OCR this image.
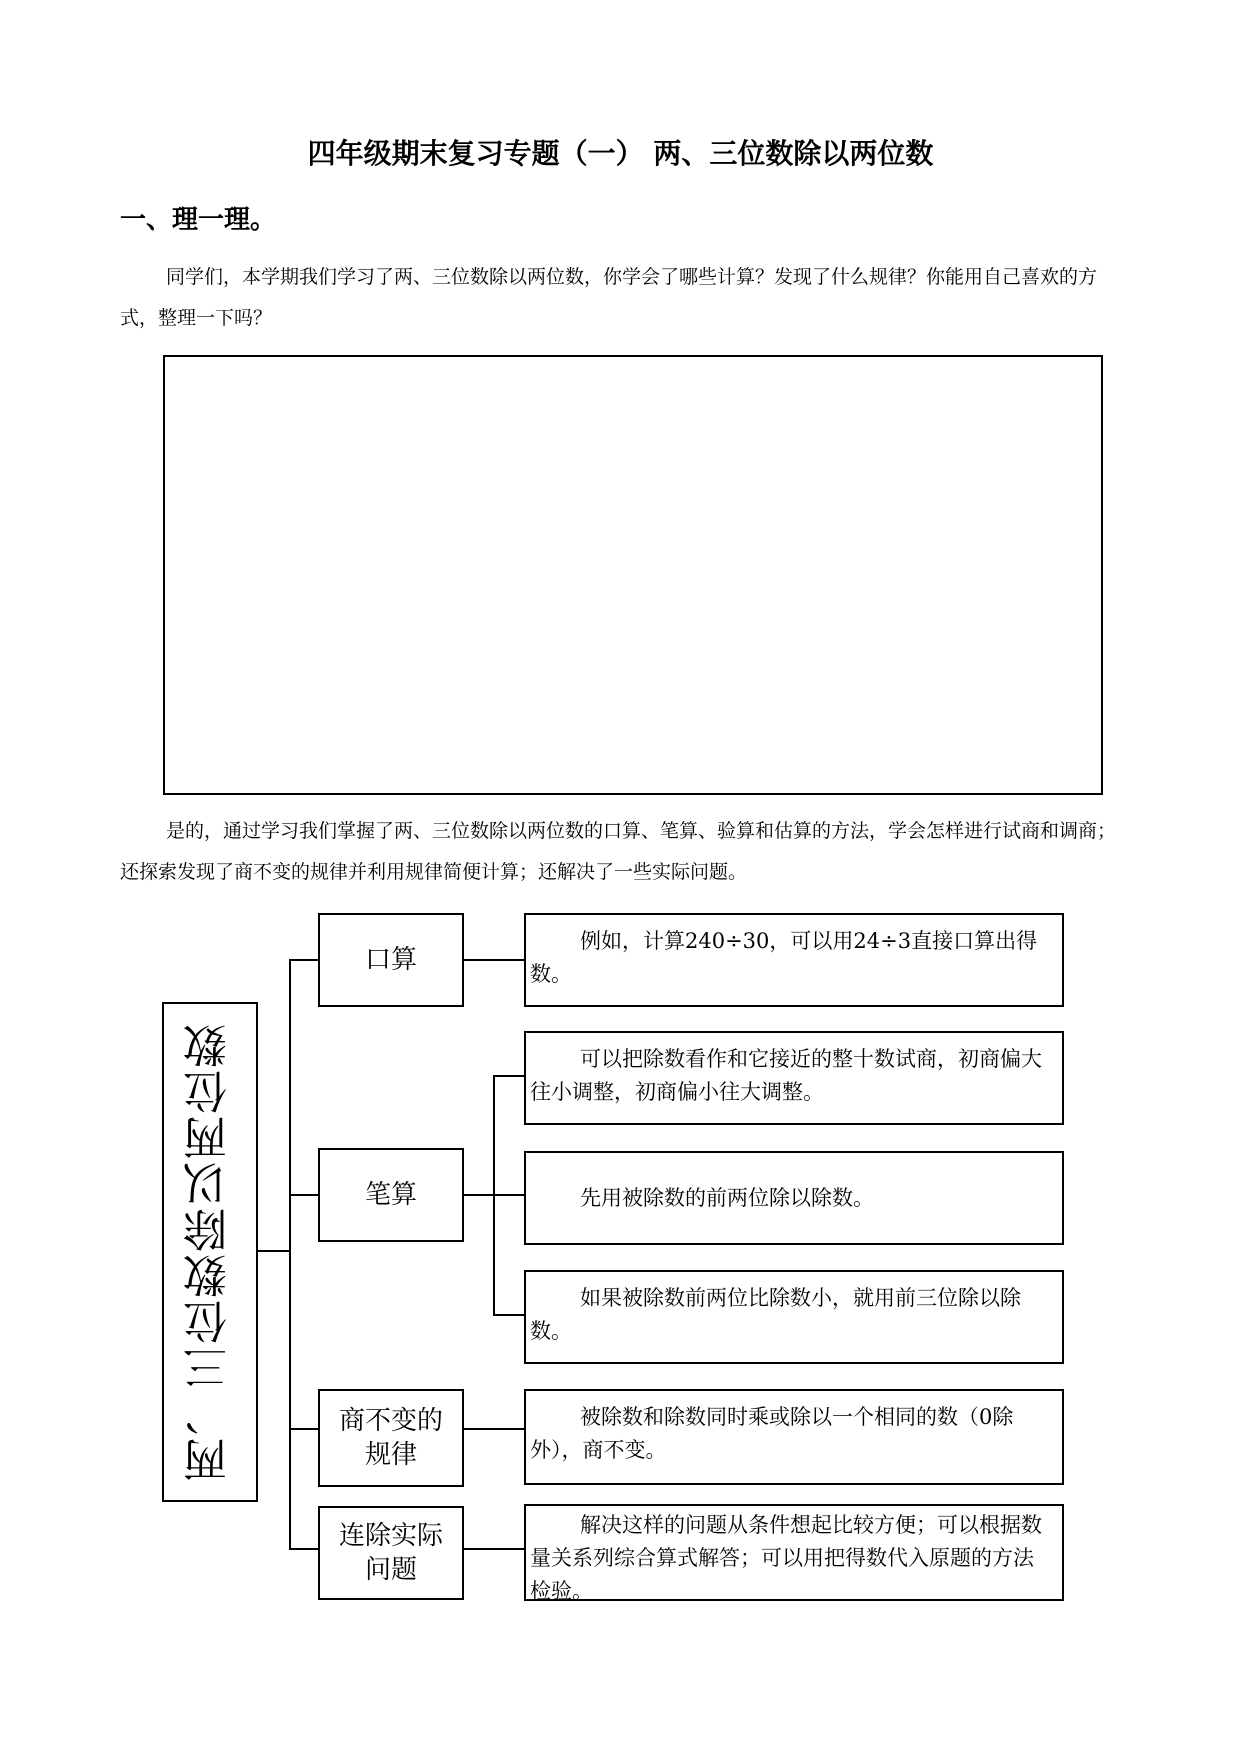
四年级期末复习专题（一） 两、三位数除以两位数
一、理一理。

同学们，本学期我们学习了两、三位数除以两位数，你学会了哪些计算？发现了什么规律？你能用自己喜欢的方式，整理一下吗？

是的，通过学习我们掌握了两、三位数除以两位数的口算、笔算、验算和估算的方法，学会怎样进行试商和调商；还探索发现了商不变的规律并利用规律简便计算；还解决了一些实际问题。

两、三位数除以两位数
口算
笔算
商不变的规律
连除实际问题
例如，计算240÷30，可以用24÷3直接口算出得数。
可以把除数看作和它接近的整十数试商，初商偏大往小调整，初商偏小往大调整。
先用被除数的前两位除以除数。
如果被除数前两位比除数小，就用前三位除以除数。
被除数和除数同时乘或除以一个相同的数（0除外），商不变。
解决这样的问题从条件想起比较方便；可以根据数量关系列综合算式解答；可以用把得数代入原题的方法检验。
